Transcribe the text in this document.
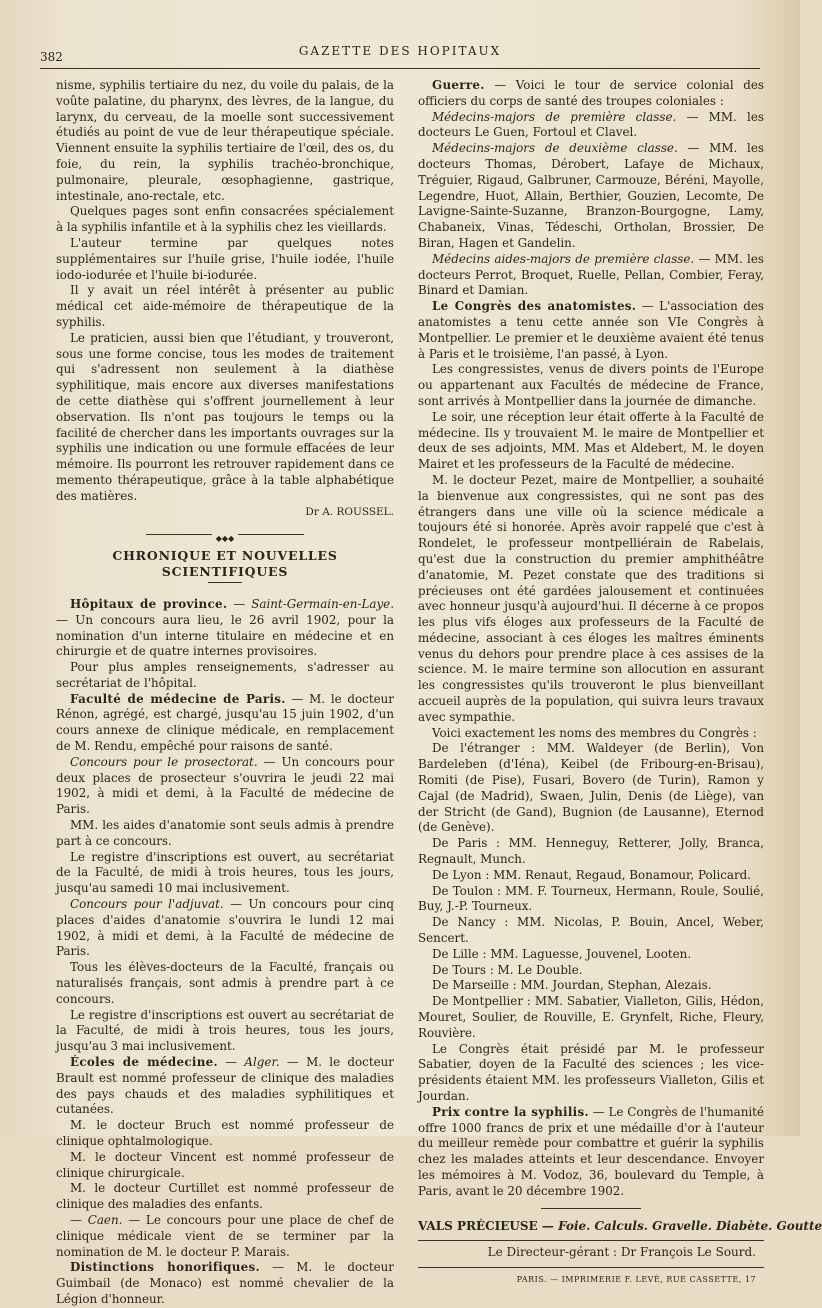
382	GAZETTE DES HOPITAUX

nisme, syphilis tertiaire du nez, du voile du palais, de la voûte palatine, du pharynx, des lèvres, de la langue, du larynx, du cerveau, de la moelle sont successivement étudiés au point de vue de leur thérapeutique spéciale. Viennent ensuite la syphilis tertiaire de l'œil, des os, du foie, du rein, la syphilis trachéo-bronchique, pulmonaire, pleurale, œsophagienne, gastrique, intestinale, ano-rectale, etc.

Quelques pages sont enfin consacrées spécialement à la syphilis infantile et à la syphilis chez les vieillards.

L'auteur termine par quelques notes supplémentaires sur l'huile grise, l'huile iodée, l'huile iodo-iodurée et l'huile bi-iodurée.

Il y avait un réel intérêt à présenter au public médical cet aide-mémoire de thérapeutique de la syphilis.

Le praticien, aussi bien que l'étudiant, y trouveront, sous une forme concise, tous les modes de traitement qui s'adressent non seulement à la diathèse syphilitique, mais encore aux diverses manifestations de cette diathèse qui s'offrent journellement à leur observation. Ils n'ont pas toujours le temps ou la facilité de chercher dans les importants ouvrages sur la syphilis une indication ou une formule effacées de leur mémoire. Ils pourront les retrouver rapidement dans ce memento thérapeutique, grâce à la table alphabétique des matières.

Dr A. ROUSSEL.
◆◆◆
CHRONIQUE ET NOUVELLES SCIENTIFIQUES

Hôpitaux de province. — Saint-Germain-en-Laye. — Un concours aura lieu, le 26 avril 1902, pour la nomination d'un interne titulaire en médecine et en chirurgie et de quatre internes provisoires.

Pour plus amples renseignements, s'adresser au secrétariat de l'hôpital.

Faculté de médecine de Paris. — M. le docteur Rénon, agrégé, est chargé, jusqu'au 15 juin 1902, d'un cours annexe de clinique médicale, en remplacement de M. Rendu, empêché pour raisons de santé.

Concours pour le prosectorat. — Un concours pour deux places de prosecteur s'ouvrira le jeudi 22 mai 1902, à midi et demi, à la Faculté de médecine de Paris.

MM. les aides d'anatomie sont seuls admis à prendre part à ce concours.

Le registre d'inscriptions est ouvert, au secrétariat de la Faculté, de midi à trois heures, tous les jours, jusqu'au samedi 10 mai inclusivement.

Concours pour l'adjuvat. — Un concours pour cinq places d'aides d'anatomie s'ouvrira le lundi 12 mai 1902, à midi et demi, à la Faculté de médecine de Paris.

Tous les élèves-docteurs de la Faculté, français ou naturalisés français, sont admis à prendre part à ce concours.

Le registre d'inscriptions est ouvert au secrétariat de la Faculté, de midi à trois heures, tous les jours, jusqu'au 3 mai inclusivement.

Écoles de médecine. — Alger. — M. le docteur Brault est nommé professeur de clinique des maladies des pays chauds et des maladies syphilitiques et cutanées.

M. le docteur Bruch est nommé professeur de clinique ophtalmologique.

M. le docteur Vincent est nommé professeur de clinique chirurgicale.

M. le docteur Curtillet est nommé professeur de clinique des maladies des enfants.

— Caen. — Le concours pour une place de chef de clinique médicale vient de se terminer par la nomination de M. le docteur P. Marais.

Distinctions honorifiques. — M. le docteur Guimbail (de Monaco) est nommé chevalier de la Légion d'honneur.

Guerre. — Voici le tour de service colonial des officiers du corps de santé des troupes coloniales :

Médecins-majors de première classe. — MM. les docteurs Le Guen, Fortoul et Clavel.

Médecins-majors de deuxième classe. — MM. les docteurs Thomas, Dérobert, Lafaye de Michaux, Tréguier, Rigaud, Galbruner, Carmouze, Béréni, Mayolle, Legendre, Huot, Allain, Berthier, Gouzien, Lecomte, De Lavigne-Sainte-Suzanne, Branzon-Bourgogne, Lamy, Chabaneix, Vinas, Tédeschi, Ortholan, Brossier, De Biran, Hagen et Gandelin.

Médecins aides-majors de première classe. — MM. les docteurs Perrot, Broquet, Ruelle, Pellan, Combier, Feray, Binard et Damian.

Le Congrès des anatomistes. — L'association des anatomistes a tenu cette année son VIe Congrès à Montpellier. Le premier et le deuxième avaient été tenus à Paris et le troisième, l'an passé, à Lyon.

Les congressistes, venus de divers points de l'Europe ou appartenant aux Facultés de médecine de France, sont arrivés à Montpellier dans la journée de dimanche.

Le soir, une réception leur était offerte à la Faculté de médecine. Ils y trouvaient M. le maire de Montpellier et deux de ses adjoints, MM. Mas et Aldebert, M. le doyen Mairet et les professeurs de la Faculté de médecine.

M. le docteur Pezet, maire de Montpellier, a souhaité la bienvenue aux congressistes, qui ne sont pas des étrangers dans une ville où la science médicale a toujours été si honorée. Après avoir rappelé que c'est à Rondelet, le professeur montpelliérain de Rabelais, qu'est due la construction du premier amphithéâtre d'anatomie, M. Pezet constate que des traditions si précieuses ont été gardées jalousement et continuées avec honneur jusqu'à aujourd'hui. Il décerne à ce propos les plus vifs éloges aux professeurs de la Faculté de médecine, associant à ces éloges les maîtres éminents venus du dehors pour prendre place à ces assises de la science. M. le maire termine son allocution en assurant les congressistes qu'ils trouveront le plus bienveillant accueil auprès de la population, qui suivra leurs travaux avec sympathie.

Voici exactement les noms des membres du Congrès :

De l'étranger : MM. Waldeyer (de Berlin), Von Bardeleben (d'Iéna), Keibel (de Fribourg-en-Brisau), Romiti (de Pise), Fusari, Bovero (de Turin), Ramon y Cajal (de Madrid), Swaen, Julin, Denis (de Liège), van der Stricht (de Gand), Bugnion (de Lausanne), Eternod (de Genève).

De Paris : MM. Henneguy, Retterer, Jolly, Branca, Regnault, Munch.

De Lyon : MM. Renaut, Regaud, Bonamour, Policard.

De Toulon : MM. F. Tourneux, Hermann, Roule, Soulié, Buy, J.-P. Tourneux.

De Nancy : MM. Nicolas, P. Bouin, Ancel, Weber, Sencert.

De Lille : MM. Laguesse, Jouvenel, Looten.

De Tours : M. Le Double.

De Marseille : MM. Jourdan, Stephan, Alezais.

De Montpellier : MM. Sabatier, Vialleton, Gilis, Hédon, Mouret, Soulier, de Rouville, E. Grynfelt, Riche, Fleury, Rouvière.

Le Congrès était présidé par M. le professeur Sabatier, doyen de la Faculté des sciences ; les vice-présidents étaient MM. les professeurs Vialleton, Gilis et Jourdan.

Prix contre la syphilis. — Le Congrès de l'humanité offre 1000 francs de prix et une médaille d'or à l'auteur du meilleur remède pour combattre et guérir la syphilis chez les malades atteints et leur descendance. Envoyer les mémoires à M. Vodoz, 36, boulevard du Temple, à Paris, avant le 20 décembre 1902.

VALS PRÉCIEUSE — Foie. Calculs. Gravelle. Diabète. Goutte
Le Directeur-gérant : Dr François Le Sourd.
PARIS. — IMPRIMERIE F. LEVÉ, RUE CASSETTE, 17
